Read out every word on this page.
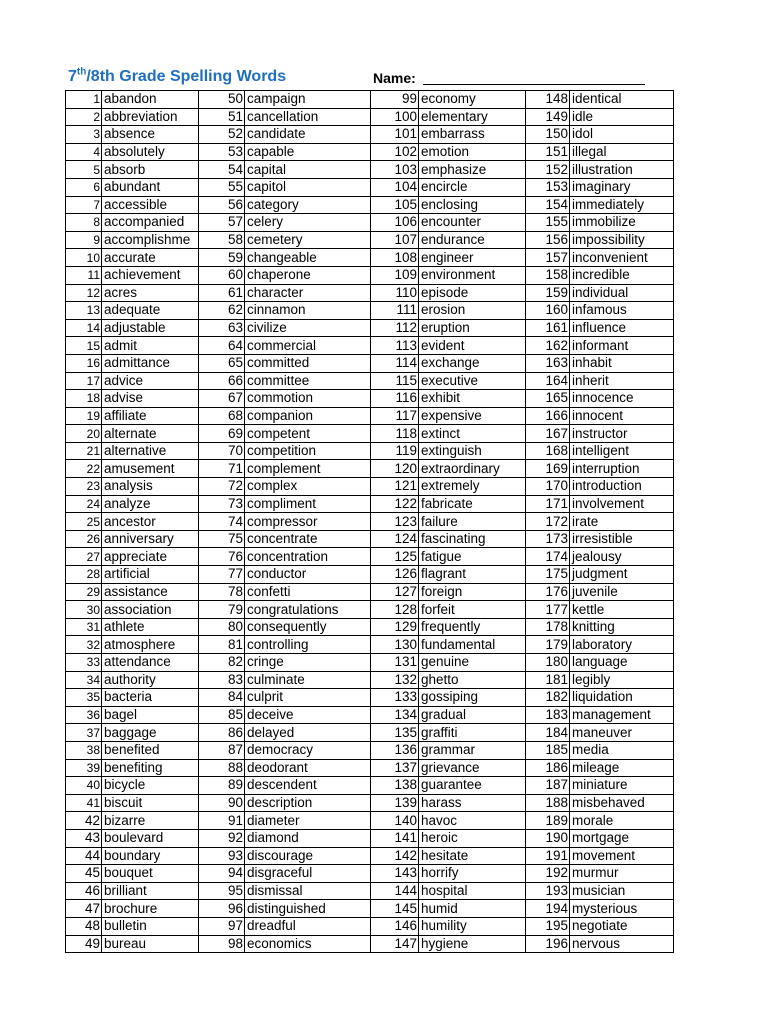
7th/8th Grade Spelling Words	Name:
1	abandon	50	campaign	99	economy	148	identical
2	abbreviation	51	cancellation	100	elementary	149	idle
3	absence	52	candidate	101	embarrass	150	idol
4	absolutely	53	capable	102	emotion	151	illegal
5	absorb	54	capital	103	emphasize	152	illustration
6	abundant	55	capitol	104	encircle	153	imaginary
7	accessible	56	category	105	enclosing	154	immediately
8	accompanied	57	celery	106	encounter	155	immobilize
9	accomplishme	58	cemetery	107	endurance	156	impossibility
10	accurate	59	changeable	108	engineer	157	inconvenient
11	achievement	60	chaperone	109	environment	158	incredible
12	acres	61	character	110	episode	159	individual
13	adequate	62	cinnamon	111	erosion	160	infamous
14	adjustable	63	civilize	112	eruption	161	influence
15	admit	64	commercial	113	evident	162	informant
16	admittance	65	committed	114	exchange	163	inhabit
17	advice	66	committee	115	executive	164	inherit
18	advise	67	commotion	116	exhibit	165	innocence
19	affiliate	68	companion	117	expensive	166	innocent
20	alternate	69	competent	118	extinct	167	instructor
21	alternative	70	competition	119	extinguish	168	intelligent
22	amusement	71	complement	120	extraordinary	169	interruption
23	analysis	72	complex	121	extremely	170	introduction
24	analyze	73	compliment	122	fabricate	171	involvement
25	ancestor	74	compressor	123	failure	172	irate
26	anniversary	75	concentrate	124	fascinating	173	irresistible
27	appreciate	76	concentration	125	fatigue	174	jealousy
28	artificial	77	conductor	126	flagrant	175	judgment
29	assistance	78	confetti	127	foreign	176	juvenile
30	association	79	congratulations	128	forfeit	177	kettle
31	athlete	80	consequently	129	frequently	178	knitting
32	atmosphere	81	controlling	130	fundamental	179	laboratory
33	attendance	82	cringe	131	genuine	180	language
34	authority	83	culminate	132	ghetto	181	legibly
35	bacteria	84	culprit	133	gossiping	182	liquidation
36	bagel	85	deceive	134	gradual	183	management
37	baggage	86	delayed	135	graffiti	184	maneuver
38	benefited	87	democracy	136	grammar	185	media
39	benefiting	88	deodorant	137	grievance	186	mileage
40	bicycle	89	descendent	138	guarantee	187	miniature
41	biscuit	90	description	139	harass	188	misbehaved
42	bizarre	91	diameter	140	havoc	189	morale
43	boulevard	92	diamond	141	heroic	190	mortgage
44	boundary	93	discourage	142	hesitate	191	movement
45	bouquet	94	disgraceful	143	horrify	192	murmur
46	brilliant	95	dismissal	144	hospital	193	musician
47	brochure	96	distinguished	145	humid	194	mysterious
48	bulletin	97	dreadful	146	humility	195	negotiate
49	bureau	98	economics	147	hygiene	196	nervous
